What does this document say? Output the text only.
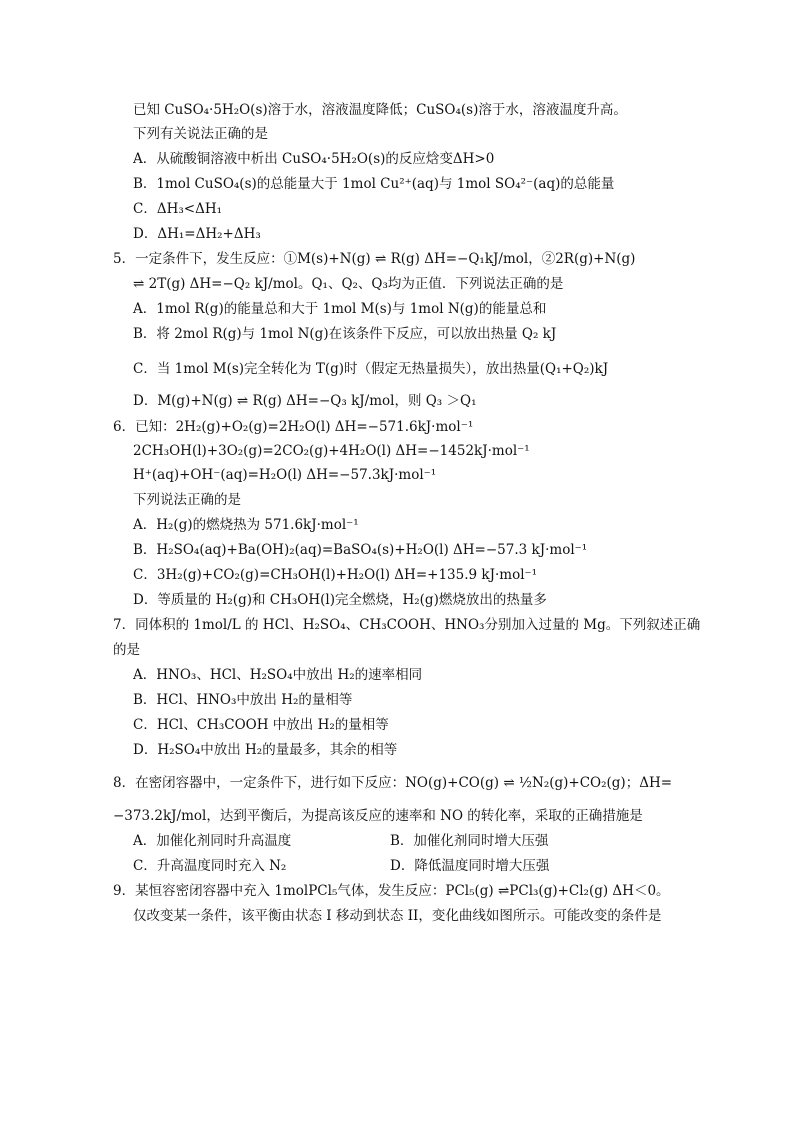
已知 CuSO₄·5H₂O(s)溶于水，溶液温度降低；CuSO₄(s)溶于水，溶液温度升高。
下列有关说法正确的是
A．从硫酸铜溶液中析出 CuSO₄·5H₂O(s)的反应焓变ΔH>0
B．1mol CuSO₄(s)的总能量大于 1mol Cu²⁺(aq)与 1mol SO₄²⁻(aq)的总能量
C．ΔH₃<ΔH₁
D．ΔH₁=ΔH₂+ΔH₃
5．一定条件下，发生反应：①M(s)+N(g) ⇌ R(g) ΔH=−Q₁kJ/mol，②2R(g)+N(g)
⇌ 2T(g) ΔH=−Q₂ kJ/mol。Q₁、Q₂、Q₃均为正值．下列说法正确的是
A．1mol R(g)的能量总和大于 1mol M(s)与 1mol N(g)的能量总和
B．将 2mol R(g)与 1mol N(g)在该条件下反应，可以放出热量 Q₂ kJ
C．当 1mol M(s)完全转化为 T(g)时（假定无热量损失），放出热量(Q₁+Q₂)kJ
D．M(g)+N(g) ⇌ R(g) ΔH=−Q₃ kJ/mol，则 Q₃ ＞Q₁
6．已知：2H₂(g)+O₂(g)=2H₂O(l) ΔH=−571.6kJ·mol⁻¹
2CH₃OH(l)+3O₂(g)=2CO₂(g)+4H₂O(l) ΔH=−1452kJ·mol⁻¹
H⁺(aq)+OH⁻(aq)=H₂O(l) ΔH=−57.3kJ·mol⁻¹
下列说法正确的是
A．H₂(g)的燃烧热为 571.6kJ·mol⁻¹
B．H₂SO₄(aq)+Ba(OH)₂(aq)=BaSO₄(s)+H₂O(l) ΔH=−57.3 kJ·mol⁻¹
C．3H₂(g)+CO₂(g)=CH₃OH(l)+H₂O(l) ΔH=+135.9 kJ·mol⁻¹
D．等质量的 H₂(g)和 CH₃OH(l)完全燃烧，H₂(g)燃烧放出的热量多
7．同体积的 1mol/L 的 HCl、H₂SO₄、CH₃COOH、HNO₃分别加入过量的 Mg。下列叙述正确
的是
A．HNO₃、HCl、H₂SO₄中放出 H₂的速率相同
B．HCl、HNO₃中放出 H₂的量相等
C．HCl、CH₃COOH 中放出 H₂的量相等
D．H₂SO₄中放出 H₂的量最多，其余的相等
8．在密闭容器中，一定条件下，进行如下反应：NO(g)+CO(g) ⇌ ½N₂(g)+CO₂(g)；ΔH=
−373.2kJ/mol，达到平衡后，为提高该反应的速率和 NO 的转化率，采取的正确措施是
A．加催化剂同时升高温度	B．加催化剂同时增大压强
C．升高温度同时充入 N₂	D．降低温度同时增大压强
9．某恒容密闭容器中充入 1molPCl₅气体，发生反应：PCl₅(g) ⇌PCl₃(g)+Cl₂(g) ΔH＜0。
仅改变某一条件，该平衡由状态 I 移动到状态 II，变化曲线如图所示。可能改变的条件是
